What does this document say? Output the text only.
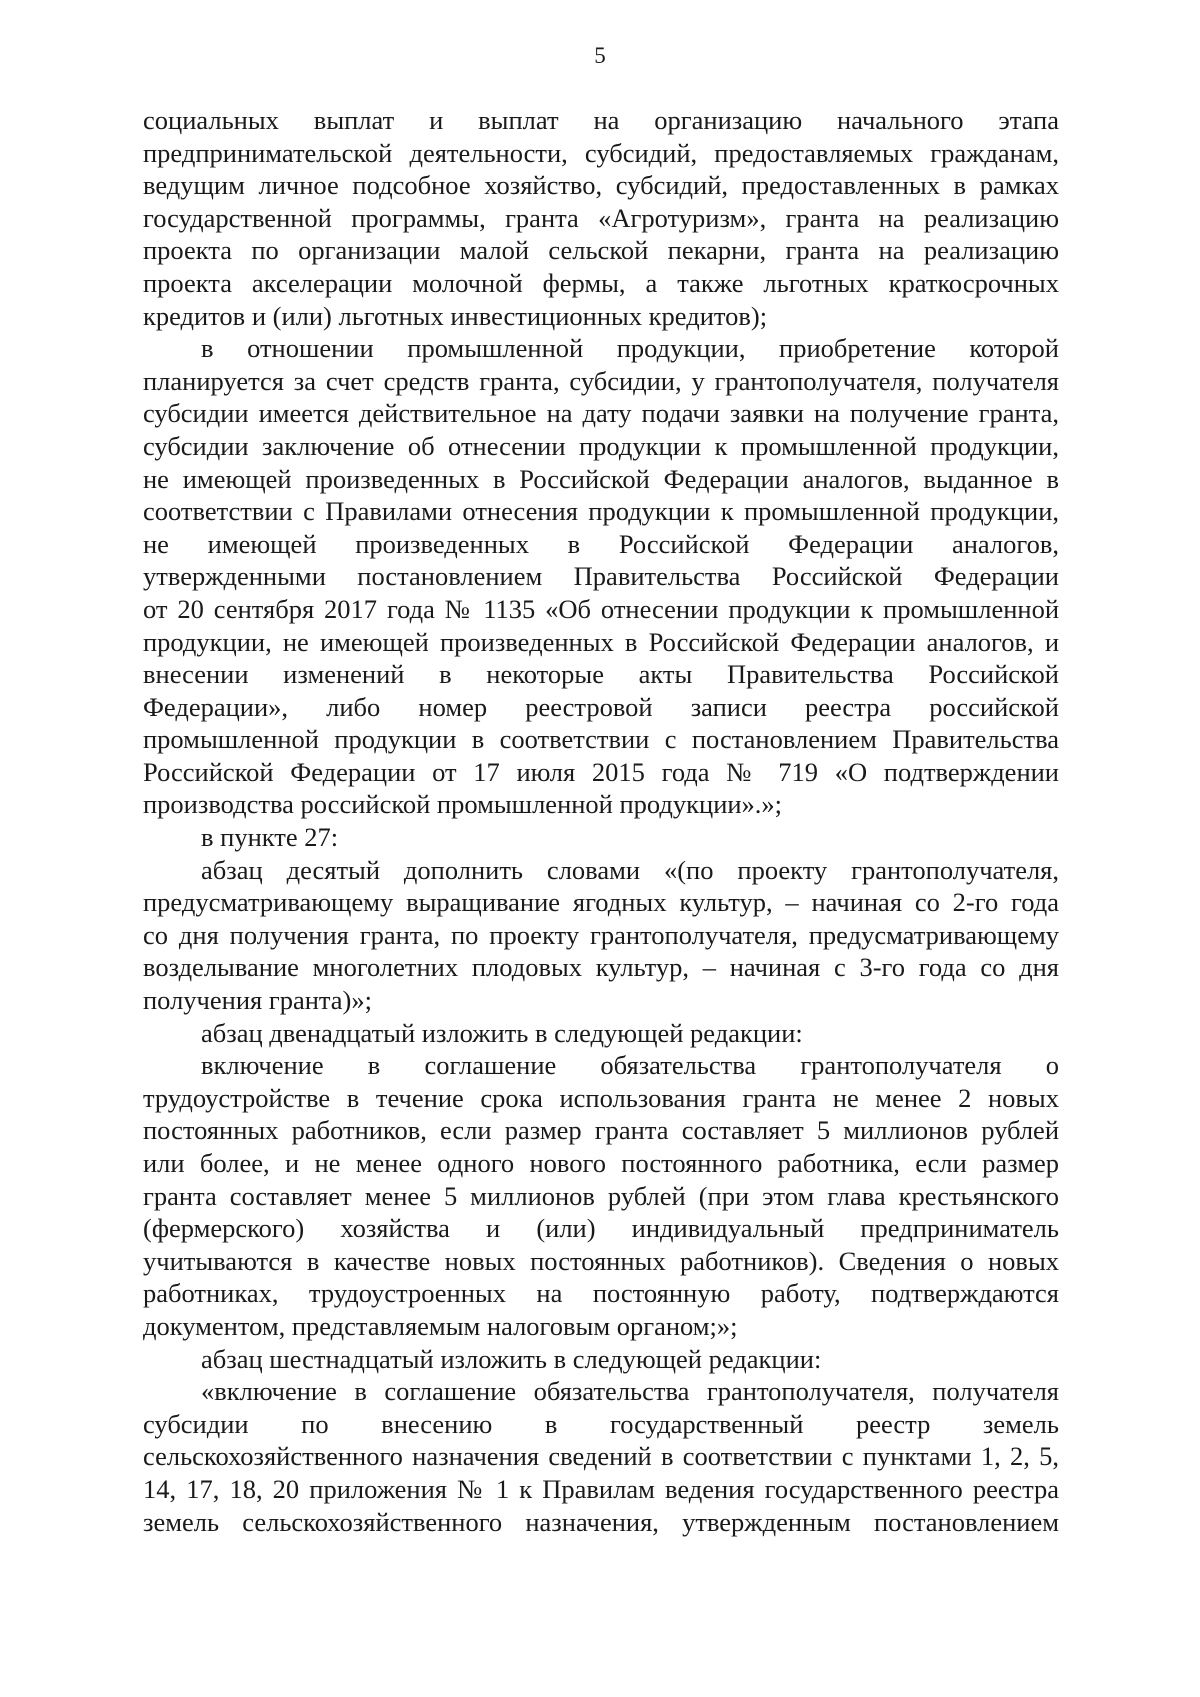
5
социальных выплат и выплат на организацию начального этапа
предпринимательской деятельности, субсидий, предоставляемых гражданам,
ведущим личное подсобное хозяйство, субсидий, предоставленных в рамках
государственной программы, гранта «Агротуризм», гранта на реализацию
проекта по организации малой сельской пекарни, гранта на реализацию
проекта акселерации молочной фермы, а также льготных краткосрочных
кредитов и (или) льготных инвестиционных кредитов);
в отношении промышленной продукции, приобретение которой
планируется за счет средств гранта, субсидии, у грантополучателя, получателя
субсидии имеется действительное на дату подачи заявки на получение гранта,
субсидии заключение об отнесении продукции к промышленной продукции,
не имеющей произведенных в Российской Федерации аналогов, выданное в
соответствии с Правилами отнесения продукции к промышленной продукции,
не имеющей произведенных в Российской Федерации аналогов,
утвержденными постановлением Правительства Российской Федерации
от 20 сентября 2017 года № 1135 «Об отнесении продукции к промышленной
продукции, не имеющей произведенных в Российской Федерации аналогов, и
внесении изменений в некоторые акты Правительства Российской
Федерации», либо номер реестровой записи реестра российской
промышленной продукции в соответствии с постановлением Правительства
Российской Федерации от 17 июля 2015 года № 719 «О подтверждении
производства российской промышленной продукции».»;
в пункте 27:
абзац десятый дополнить словами «(по проекту грантополучателя,
предусматривающему выращивание ягодных культур, – начиная со 2-го года
со дня получения гранта, по проекту грантополучателя, предусматривающему
возделывание многолетних плодовых культур, – начиная с 3-го года со дня
получения гранта)»;
абзац двенадцатый изложить в следующей редакции:
включение в соглашение обязательства грантополучателя о
трудоустройстве в течение срока использования гранта не менее 2 новых
постоянных работников, если размер гранта составляет 5 миллионов рублей
или более, и не менее одного нового постоянного работника, если размер
гранта составляет менее 5 миллионов рублей (при этом глава крестьянского
(фермерского) хозяйства и (или) индивидуальный предприниматель
учитываются в качестве новых постоянных работников). Сведения о новых
работниках, трудоустроенных на постоянную работу, подтверждаются
документом, представляемым налоговым органом;»;
абзац шестнадцатый изложить в следующей редакции:
«включение в соглашение обязательства грантополучателя, получателя
субсидии по внесению в государственный реестр земель
сельскохозяйственного назначения сведений в соответствии с пунктами 1, 2, 5,
14, 17, 18, 20 приложения № 1 к Правилам ведения государственного реестра
земель сельскохозяйственного назначения, утвержденным постановлением
